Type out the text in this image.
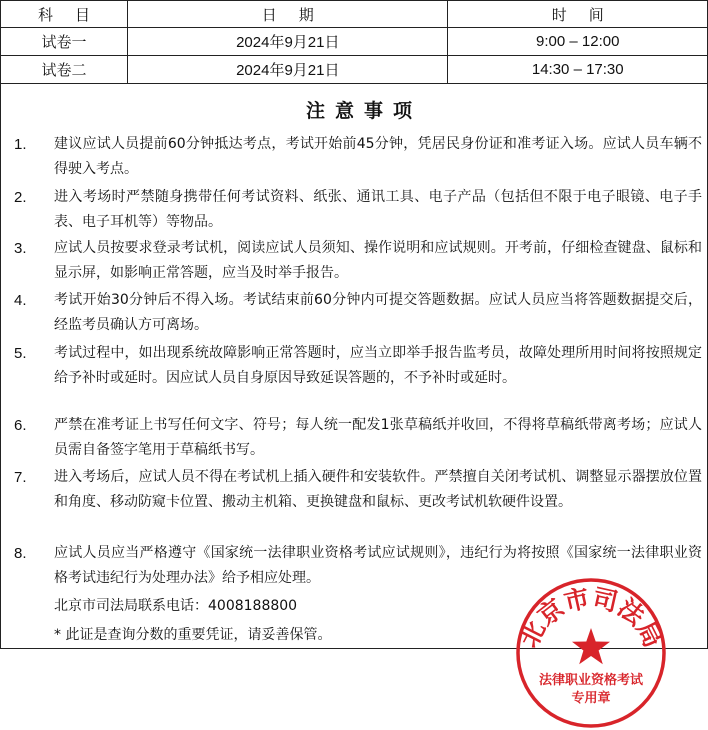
科目	日期	时间
试卷一	2024年9月21日	9:00 – 12:00
试卷二	2024年9月21日	14:30 – 17:30
注意事项
1. 建议应试人员提前60分钟抵达考点，考试开始前45分钟，凭居民身份证和准考证入场。应试人员车辆不得驶入考点。
2. 进入考场时严禁随身携带任何考试资料、纸张、通讯工具、电子产品（包括但不限于电子眼镜、电子手表、电子耳机等）等物品。
3. 应试人员按要求登录考试机，阅读应试人员须知、操作说明和应试规则。开考前，仔细检查键盘、鼠标和显示屏，如影响正常答题，应当及时举手报告。
4. 考试开始30分钟后不得入场。考试结束前60分钟内可提交答题数据。应试人员应当将答题数据提交后，经监考员确认方可离场。
5. 考试过程中，如出现系统故障影响正常答题时，应当立即举手报告监考员，故障处理所用时间将按照规定给予补时或延时。因应试人员自身原因导致延误答题的，不予补时或延时。
6. 严禁在准考证上书写任何文字、符号；每人统一配发1张草稿纸并收回，不得将草稿纸带离考场；应试人员需自备签字笔用于草稿纸书写。
7. 进入考场后，应试人员不得在考试机上插入硬件和安装软件。严禁擅自关闭考试机、调整显示器摆放位置和角度、移动防窥卡位置、搬动主机箱、更换键盘和鼠标、更改考试机软硬件设置。
8. 应试人员应当严格遵守《国家统一法律职业资格考试应试规则》，违纪行为将按照《国家统一法律职业资格考试违纪行为处理办法》给予相应处理。
北京市司法局联系电话：4008188800
* 此证是查询分数的重要凭证，请妥善保管。	北京市司法局
法律职业资格考试
专用章
